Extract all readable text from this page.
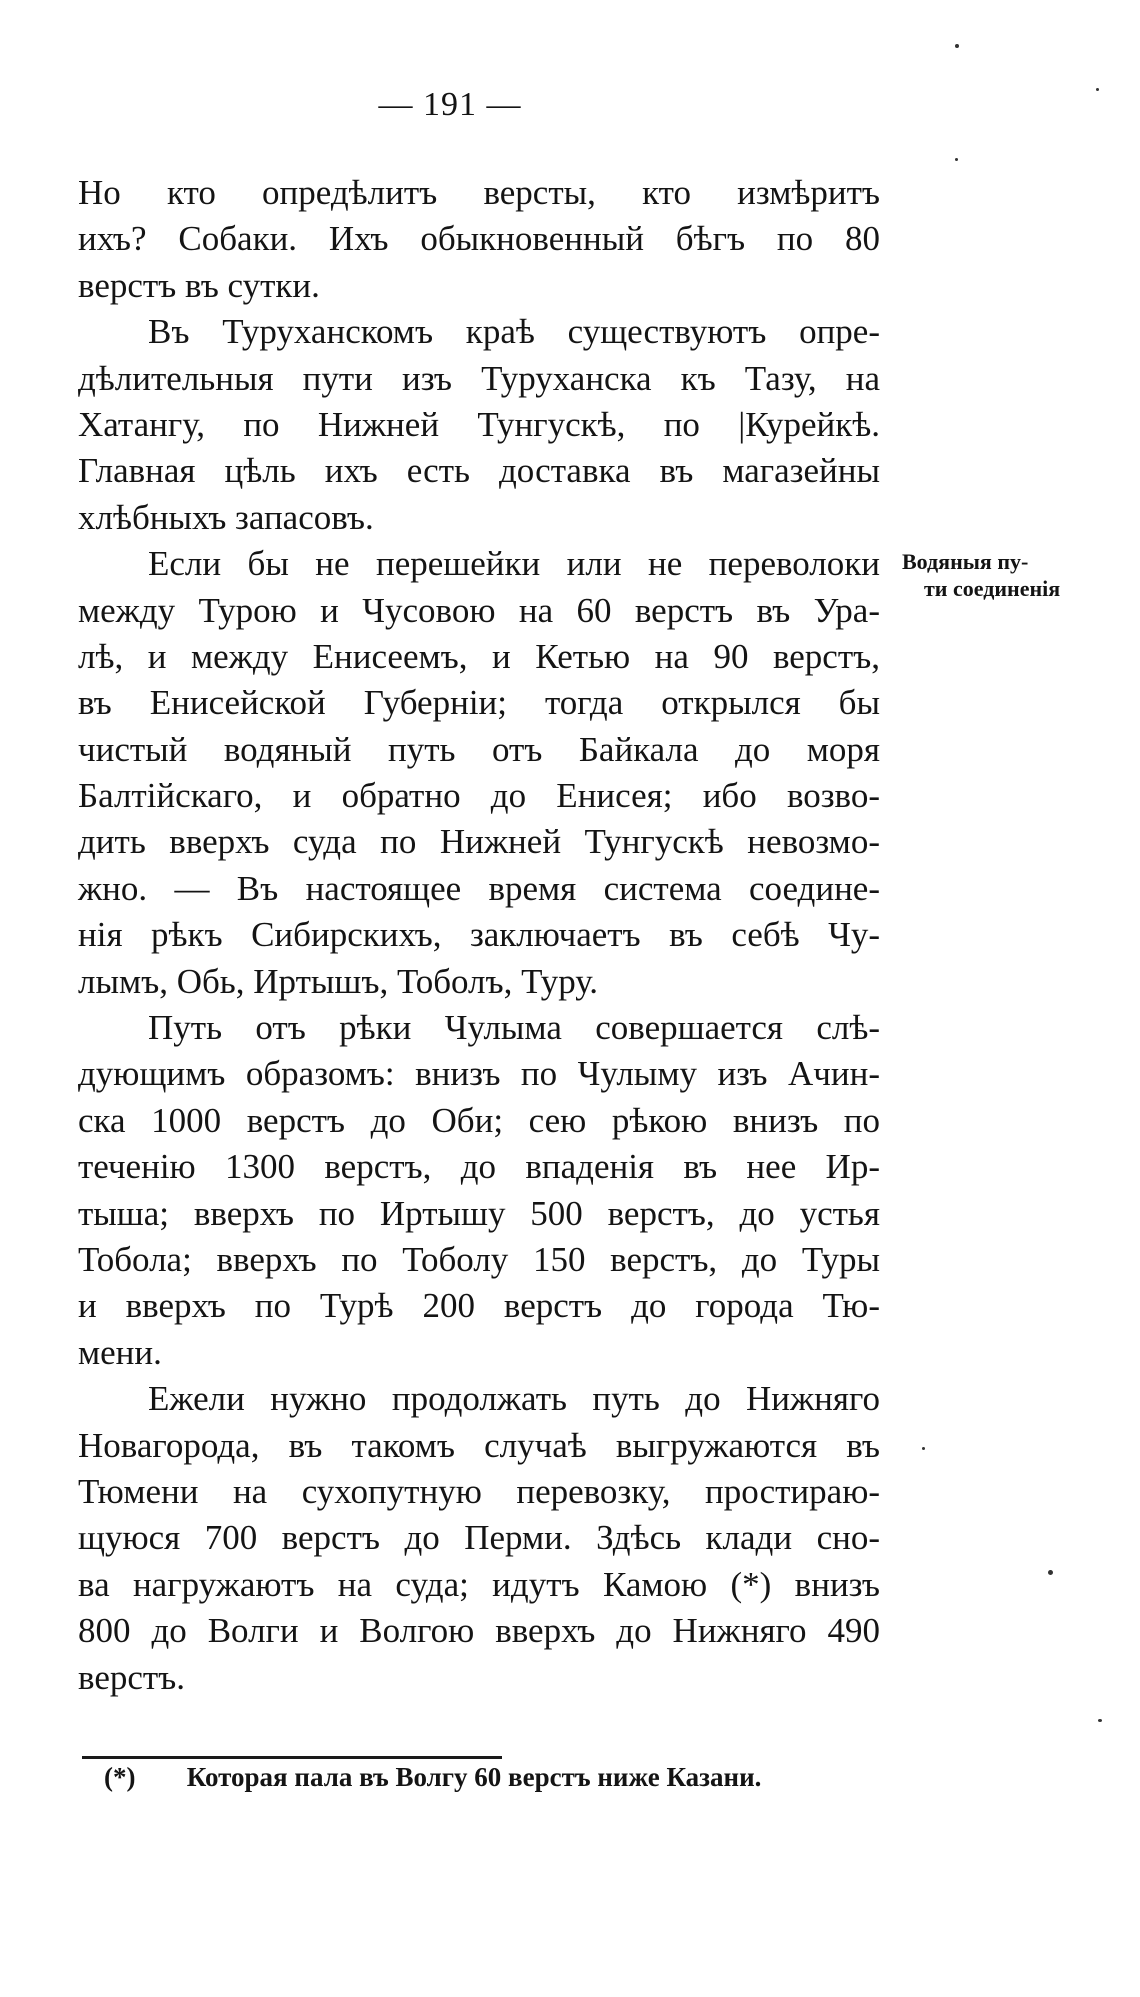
— 191 —
Но кто опредѣлитъ версты, кто измѣритъ
ихъ? Собаки. Ихъ обыкновенный бѣгъ по 80
верстъ въ сутки.
Въ Туруханскомъ краѣ существуютъ опре-
дѣлительныя пути изъ Туруханска къ Тазу, на
Хатангу, по Нижней Тунгускѣ, по |Курейкѣ.
Главная цѣль ихъ есть доставка въ магазейны
хлѣбныхъ запасовъ.
Если бы не перешейки или не переволоки
между Турою и Чусовою на 60 верстъ въ Ура-
лѣ, и между Енисеемъ, и Кетью на 90 верстъ,
въ Енисейской Губерніи; тогда открылся бы
чистый водяный путь отъ Байкала до моря
Балтійскаго, и обратно до Енисея; ибо возво-
дить вверхъ суда по Нижней Тунгускѣ невозмо-
жно. — Въ настоящее время система соедине-
нія рѣкъ Сибирскихъ, заключаетъ въ себѣ Чу-
лымъ, Обь, Иртышъ, Тоболъ, Туру.
Путь отъ рѣки Чулыма совершается слѣ-
дующимъ образомъ: внизъ по Чулыму изъ Ачин-
ска 1000 верстъ до Оби; сею рѣкою внизъ по
теченію 1300 верстъ, до впаденія въ нее Ир-
тыша; вверхъ по Иртышу 500 верстъ, до устья
Тобола; вверхъ по Тоболу 150 верстъ, до Туры
и вверхъ по Турѣ 200 верстъ до города Тю-
мени.
Ежели нужно продолжать путь до Нижняго
Новагорода, въ такомъ случаѣ выгружаются въ
Тюмени на сухопутную перевозку, простираю-
щуюся 700 верстъ до Перми. Здѣсь клади сно-
ва нагружаютъ на суда; идутъ Камою (*) внизъ
800 до Волги и Волгою вверхъ до Нижняго 490
верстъ.
Водяныя пу-
ти соединенія
(*) Которая пала въ Волгу 60 верстъ ниже Казани.
